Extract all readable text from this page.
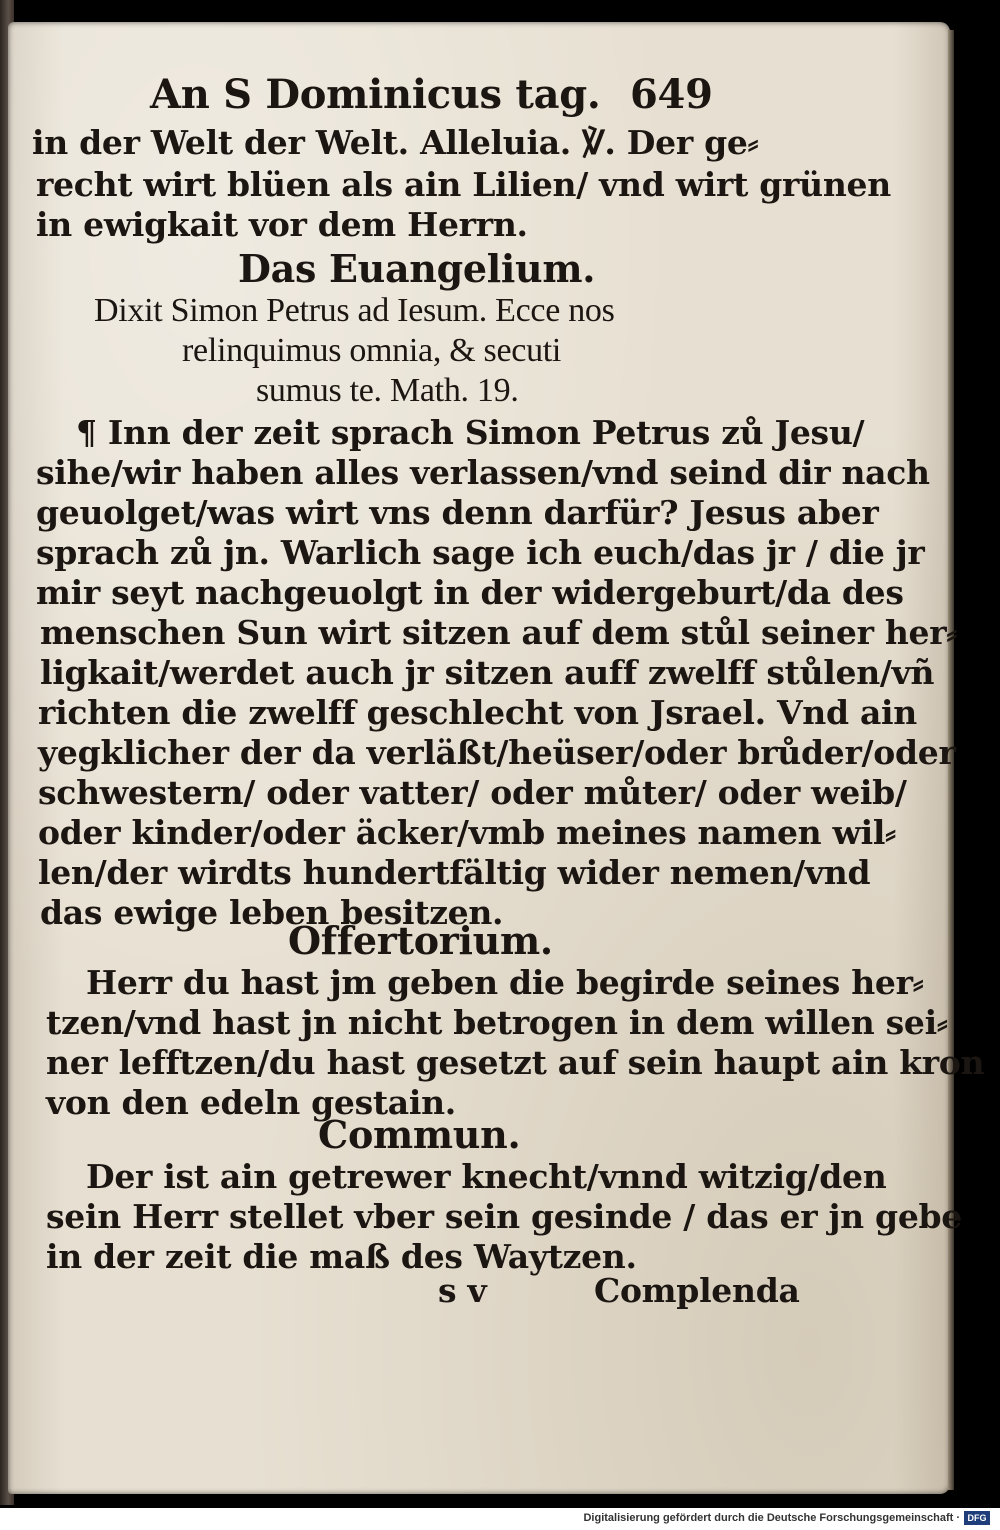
An S Dominicus tag. 649
in der Welt der Welt. Alleluia. ℣. Der ge⸗
recht wirt blüen als ain Lilien/ vnd wirt grünen
in ewigkait vor dem Herrn.
Das Euangelium.
Dixit Simon Petrus ad Iesum. Ecce nos
relinquimus omnia, & secuti
sumus te. Math. 19.
¶ Inn der zeit sprach Simon Petrus zů Jesu/
sihe/wir haben alles verlassen/vnd seind dir nach
geuolget/was wirt vns denn darfür? Jesus aber
sprach zů jn. Warlich sage ich euch/das jr / die jr
mir seyt nachgeuolgt in der widergeburt/da des
menschen Sun wirt sitzen auf dem stůl seiner her⸗
ligkait/werdet auch jr sitzen auff zwelff stůlen/vñ
richten die zwelff geschlecht von Jsrael. Vnd ain
yegklicher der da verläßt/heüser/oder brůder/oder
schwestern/ oder vatter/ oder můter/ oder weib/
oder kinder/oder äcker/vmb meines namen wil⸗
len/der wirdts hundertfältig wider nemen/vnd
das ewige leben besitzen.
Offertorium.
Herr du hast jm geben die begirde seines her⸗
tzen/vnd hast jn nicht betrogen in dem willen sei⸗
ner lefftzen/du hast gesetzt auf sein haupt ain kron
von den edeln gestain.
Commun.
Der ist ain getrewer knecht/vnnd witzig/den
sein Herr stellet vber sein gesinde / das er jn gebe
in der zeit die maß des Waytzen.
s v	Complenda
Digitalisierung gefördert durch die Deutsche Forschungsgemeinschaft · DFG
